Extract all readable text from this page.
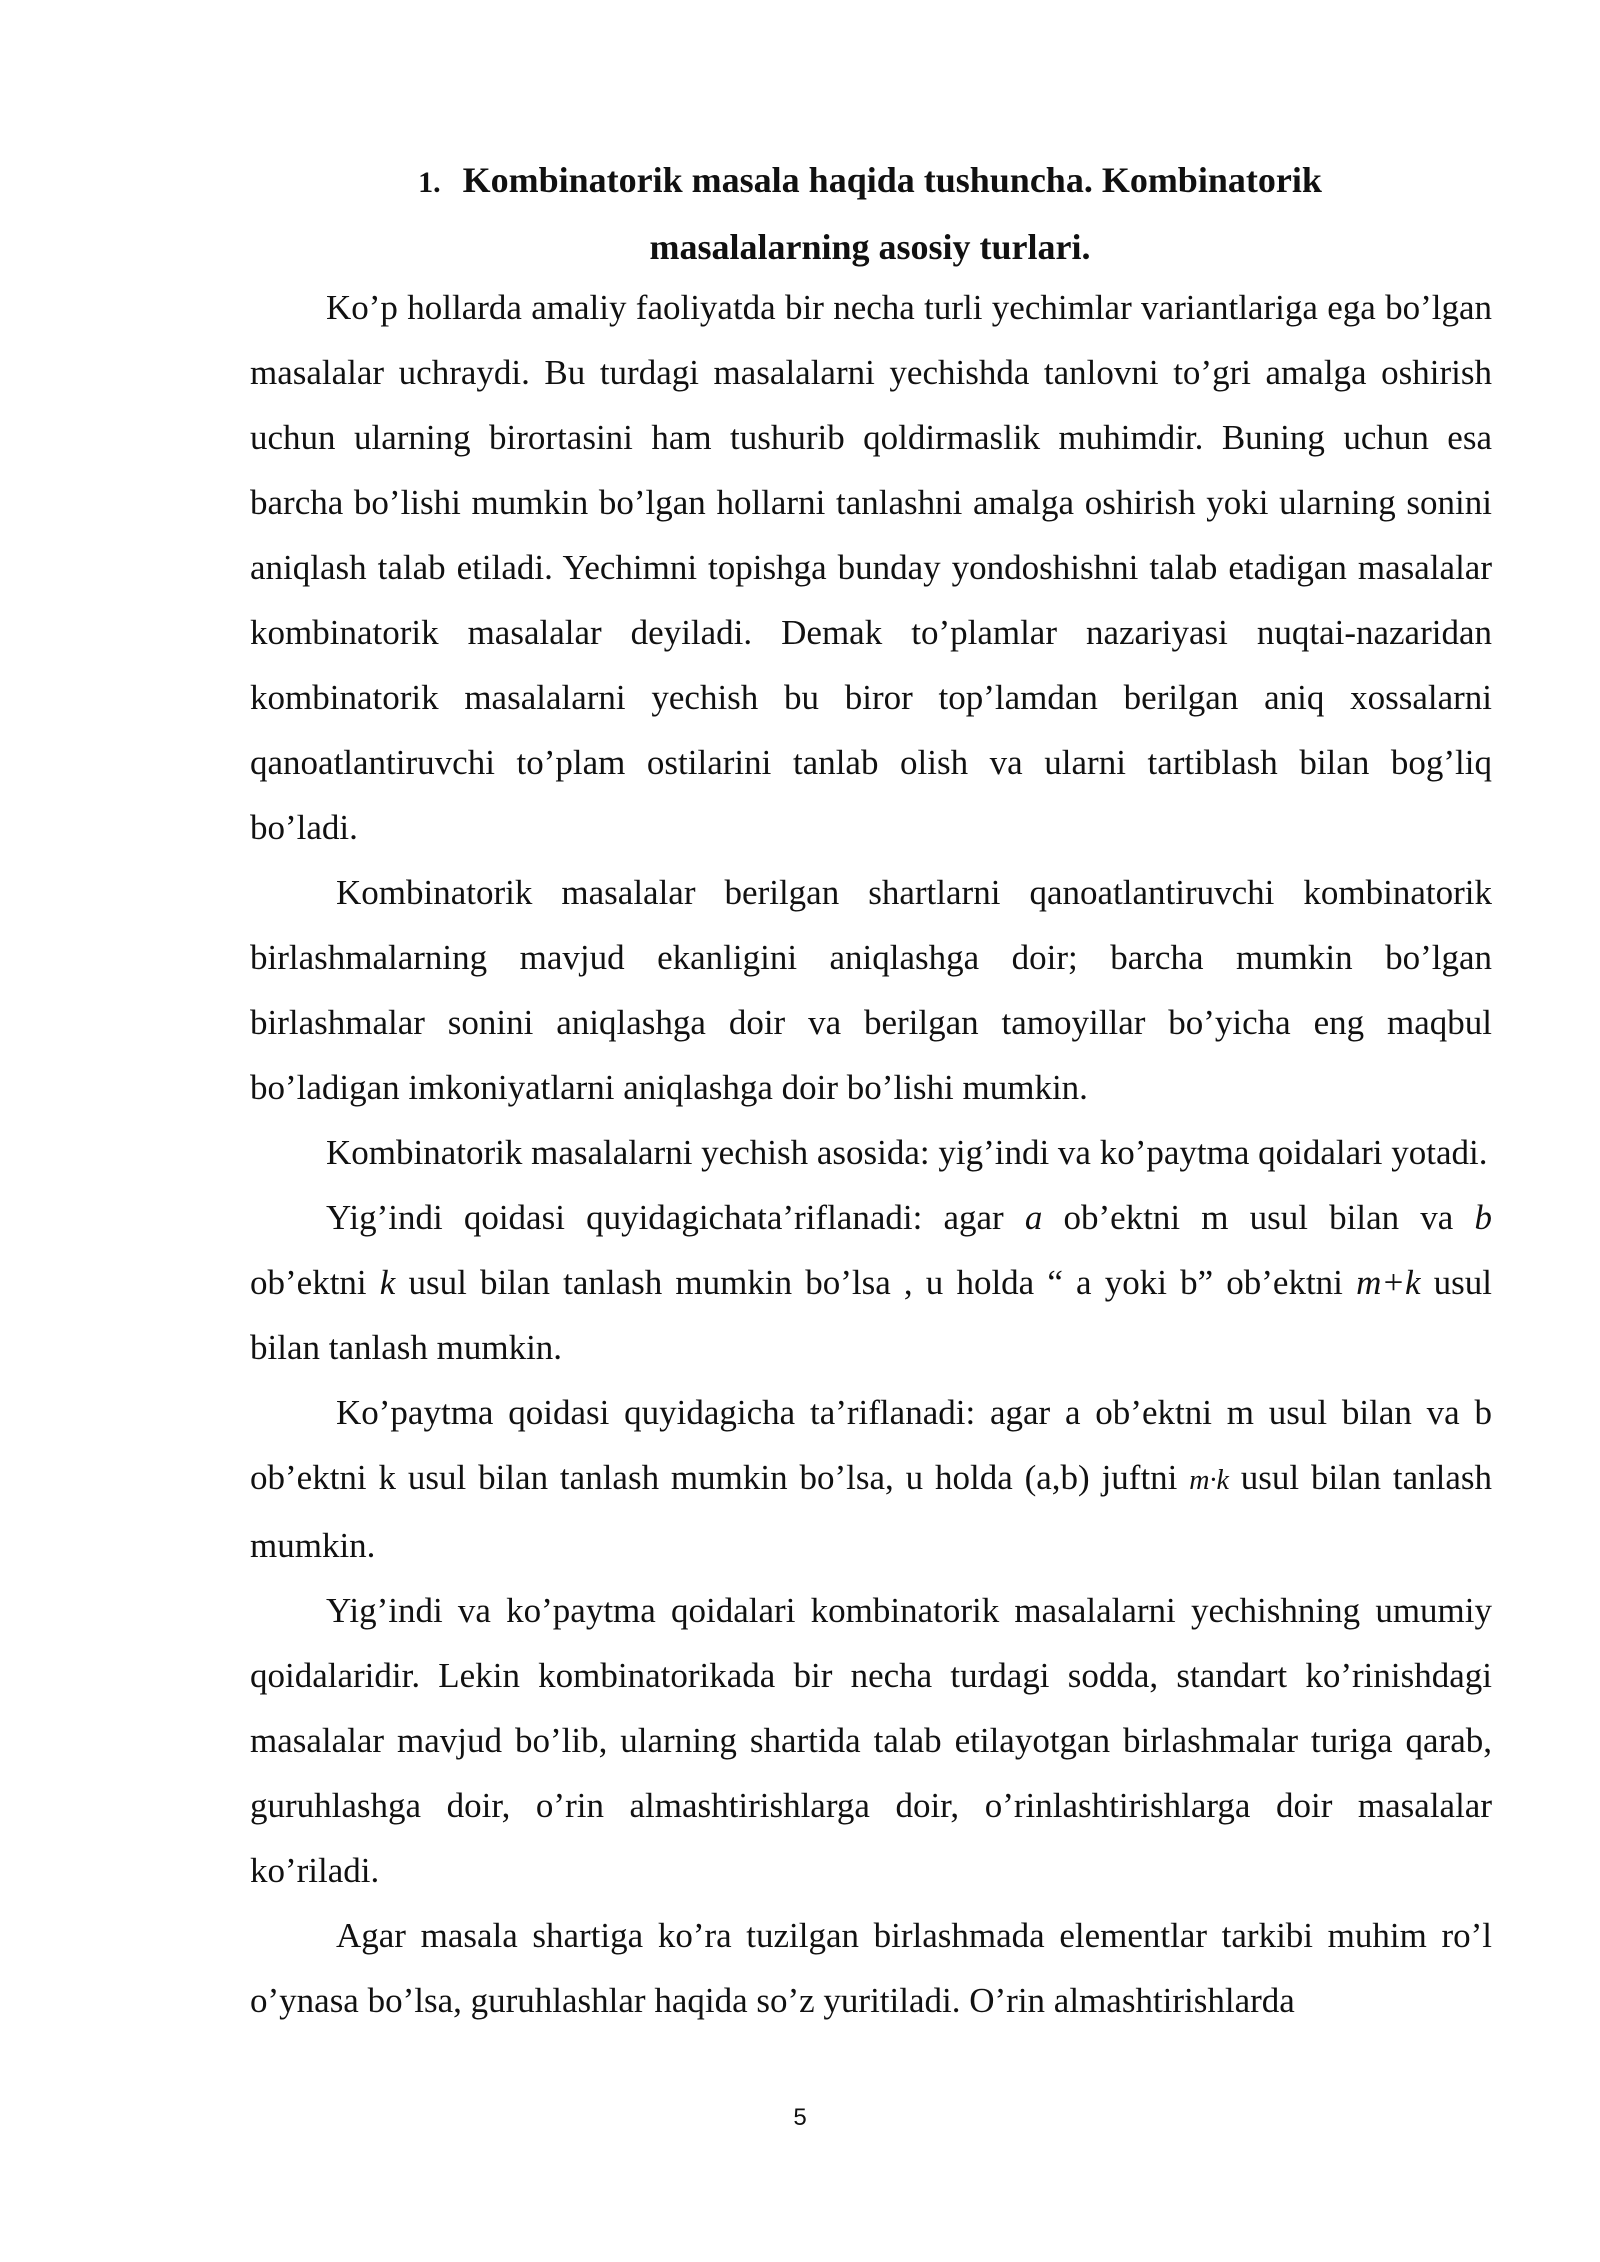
1. Kombinatorik masala haqida tushuncha. Kombinatorik
masalalarning asosiy turlari.

Ko’p hollarda amaliy faoliyatda bir necha turli yechimlar variantlariga ega bo’lgan masalalar uchraydi. Bu turdagi masalalarni yechishda tanlovni to’gri amalga oshirish uchun ularning birortasini ham tushurib qoldirmaslik muhimdir. Buning uchun esa barcha bo’lishi mumkin bo’lgan hollarni tanlashni amalga oshirish yoki ularning sonini aniqlash talab etiladi. Yechimni topishga bunday yondoshishni talab etadigan masalalar kombinatorik masalalar deyiladi. Demak to’plamlar nazariyasi nuqtai-nazaridan kombinatorik masalalarni yechish bu biror top’lamdan berilgan aniq xossalarni qanoatlantiruvchi to’plam ostilarini tanlab olish va ularni tartiblash bilan bog’liq bo’ladi.

Kombinatorik masalalar berilgan shartlarni qanoatlantiruvchi kombinatorik birlashmalarning mavjud ekanligini aniqlashga doir; barcha mumkin bo’lgan birlashmalar sonini aniqlashga doir va berilgan tamoyillar bo’yicha eng maqbul bo’ladigan imkoniyatlarni aniqlashga doir bo’lishi mumkin.

Kombinatorik masalalarni yechish asosida: yig’indi va ko’paytma qoidalari yotadi.

Yig’indi qoidasi quyidagichata’riflanadi: agar a ob’ektni m usul bilan va b ob’ektni k usul bilan tanlash mumkin bo’lsa , u holda “ a yoki b” ob’ektni m+k usul bilan tanlash mumkin.

Ko’paytma qoidasi quyidagicha ta’riflanadi: agar a ob’ektni m usul bilan va b ob’ektni k usul bilan tanlash mumkin bo’lsa, u holda (a,b) juftni m·k usul bilan tanlash mumkin.

Yig’indi va ko’paytma qoidalari kombinatorik masalalarni yechishning umumiy qoidalaridir. Lekin kombinatorikada bir necha turdagi sodda, standart ko’rinishdagi masalalar mavjud bo’lib, ularning shartida talab etilayotgan birlashmalar turiga qarab, guruhlashga doir, o’rin almashtirishlarga doir, o’rinlashtirishlarga doir masalalar ko’riladi.

Agar masala shartiga ko’ra tuzilgan birlashmada elementlar tarkibi muhim ro’l o’ynasa bo’lsa, guruhlashlar haqida so’z yuritiladi. O’rin almashtirishlarda

5
